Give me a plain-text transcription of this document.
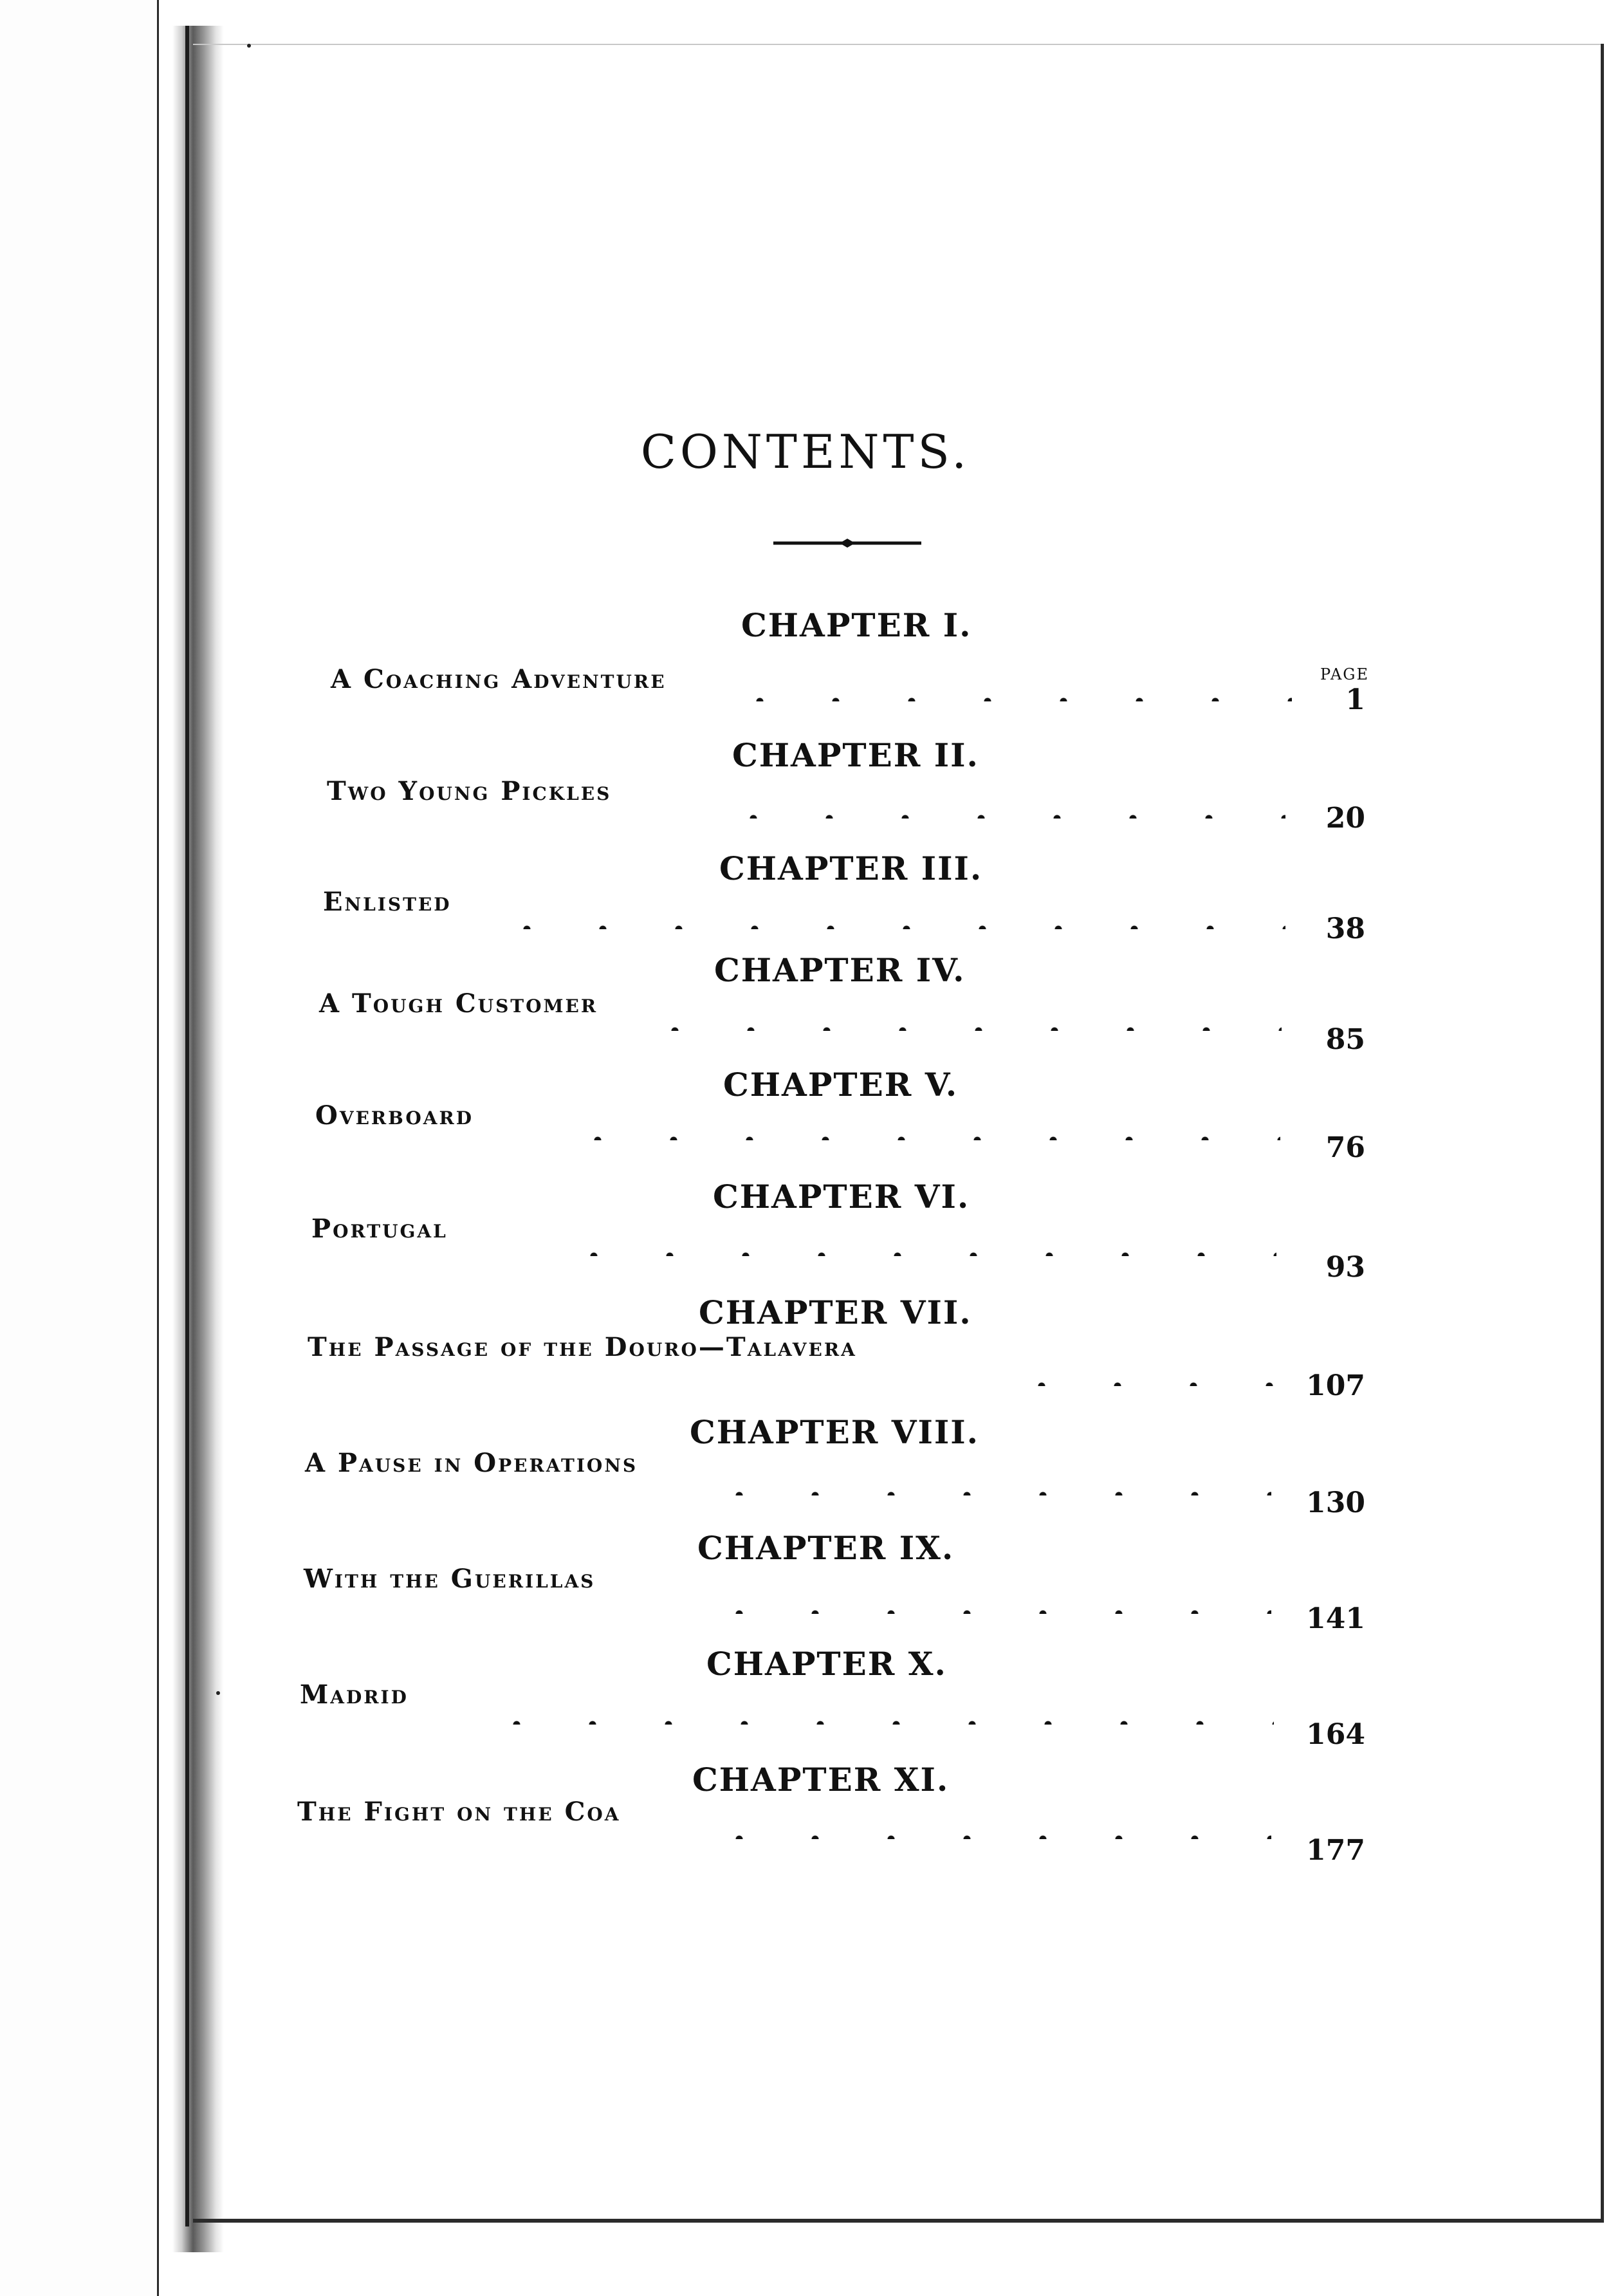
CONTENTS.
PAGE
CHAPTER I.
A Coaching Adventure
1
CHAPTER II.
Two Young Pickles
20
CHAPTER III.
Enlisted
38
CHAPTER IV.
A Tough Customer
85
CHAPTER V.
Overboard
76
CHAPTER VI.
Portugal
93
CHAPTER VII.
The Passage of the Douro—Talavera
107
CHAPTER VIII.
A Pause in Operations
130
CHAPTER IX.
With the Guerillas
141
CHAPTER X.
Madrid
164
CHAPTER XI.
The Fight on the Coa
177
